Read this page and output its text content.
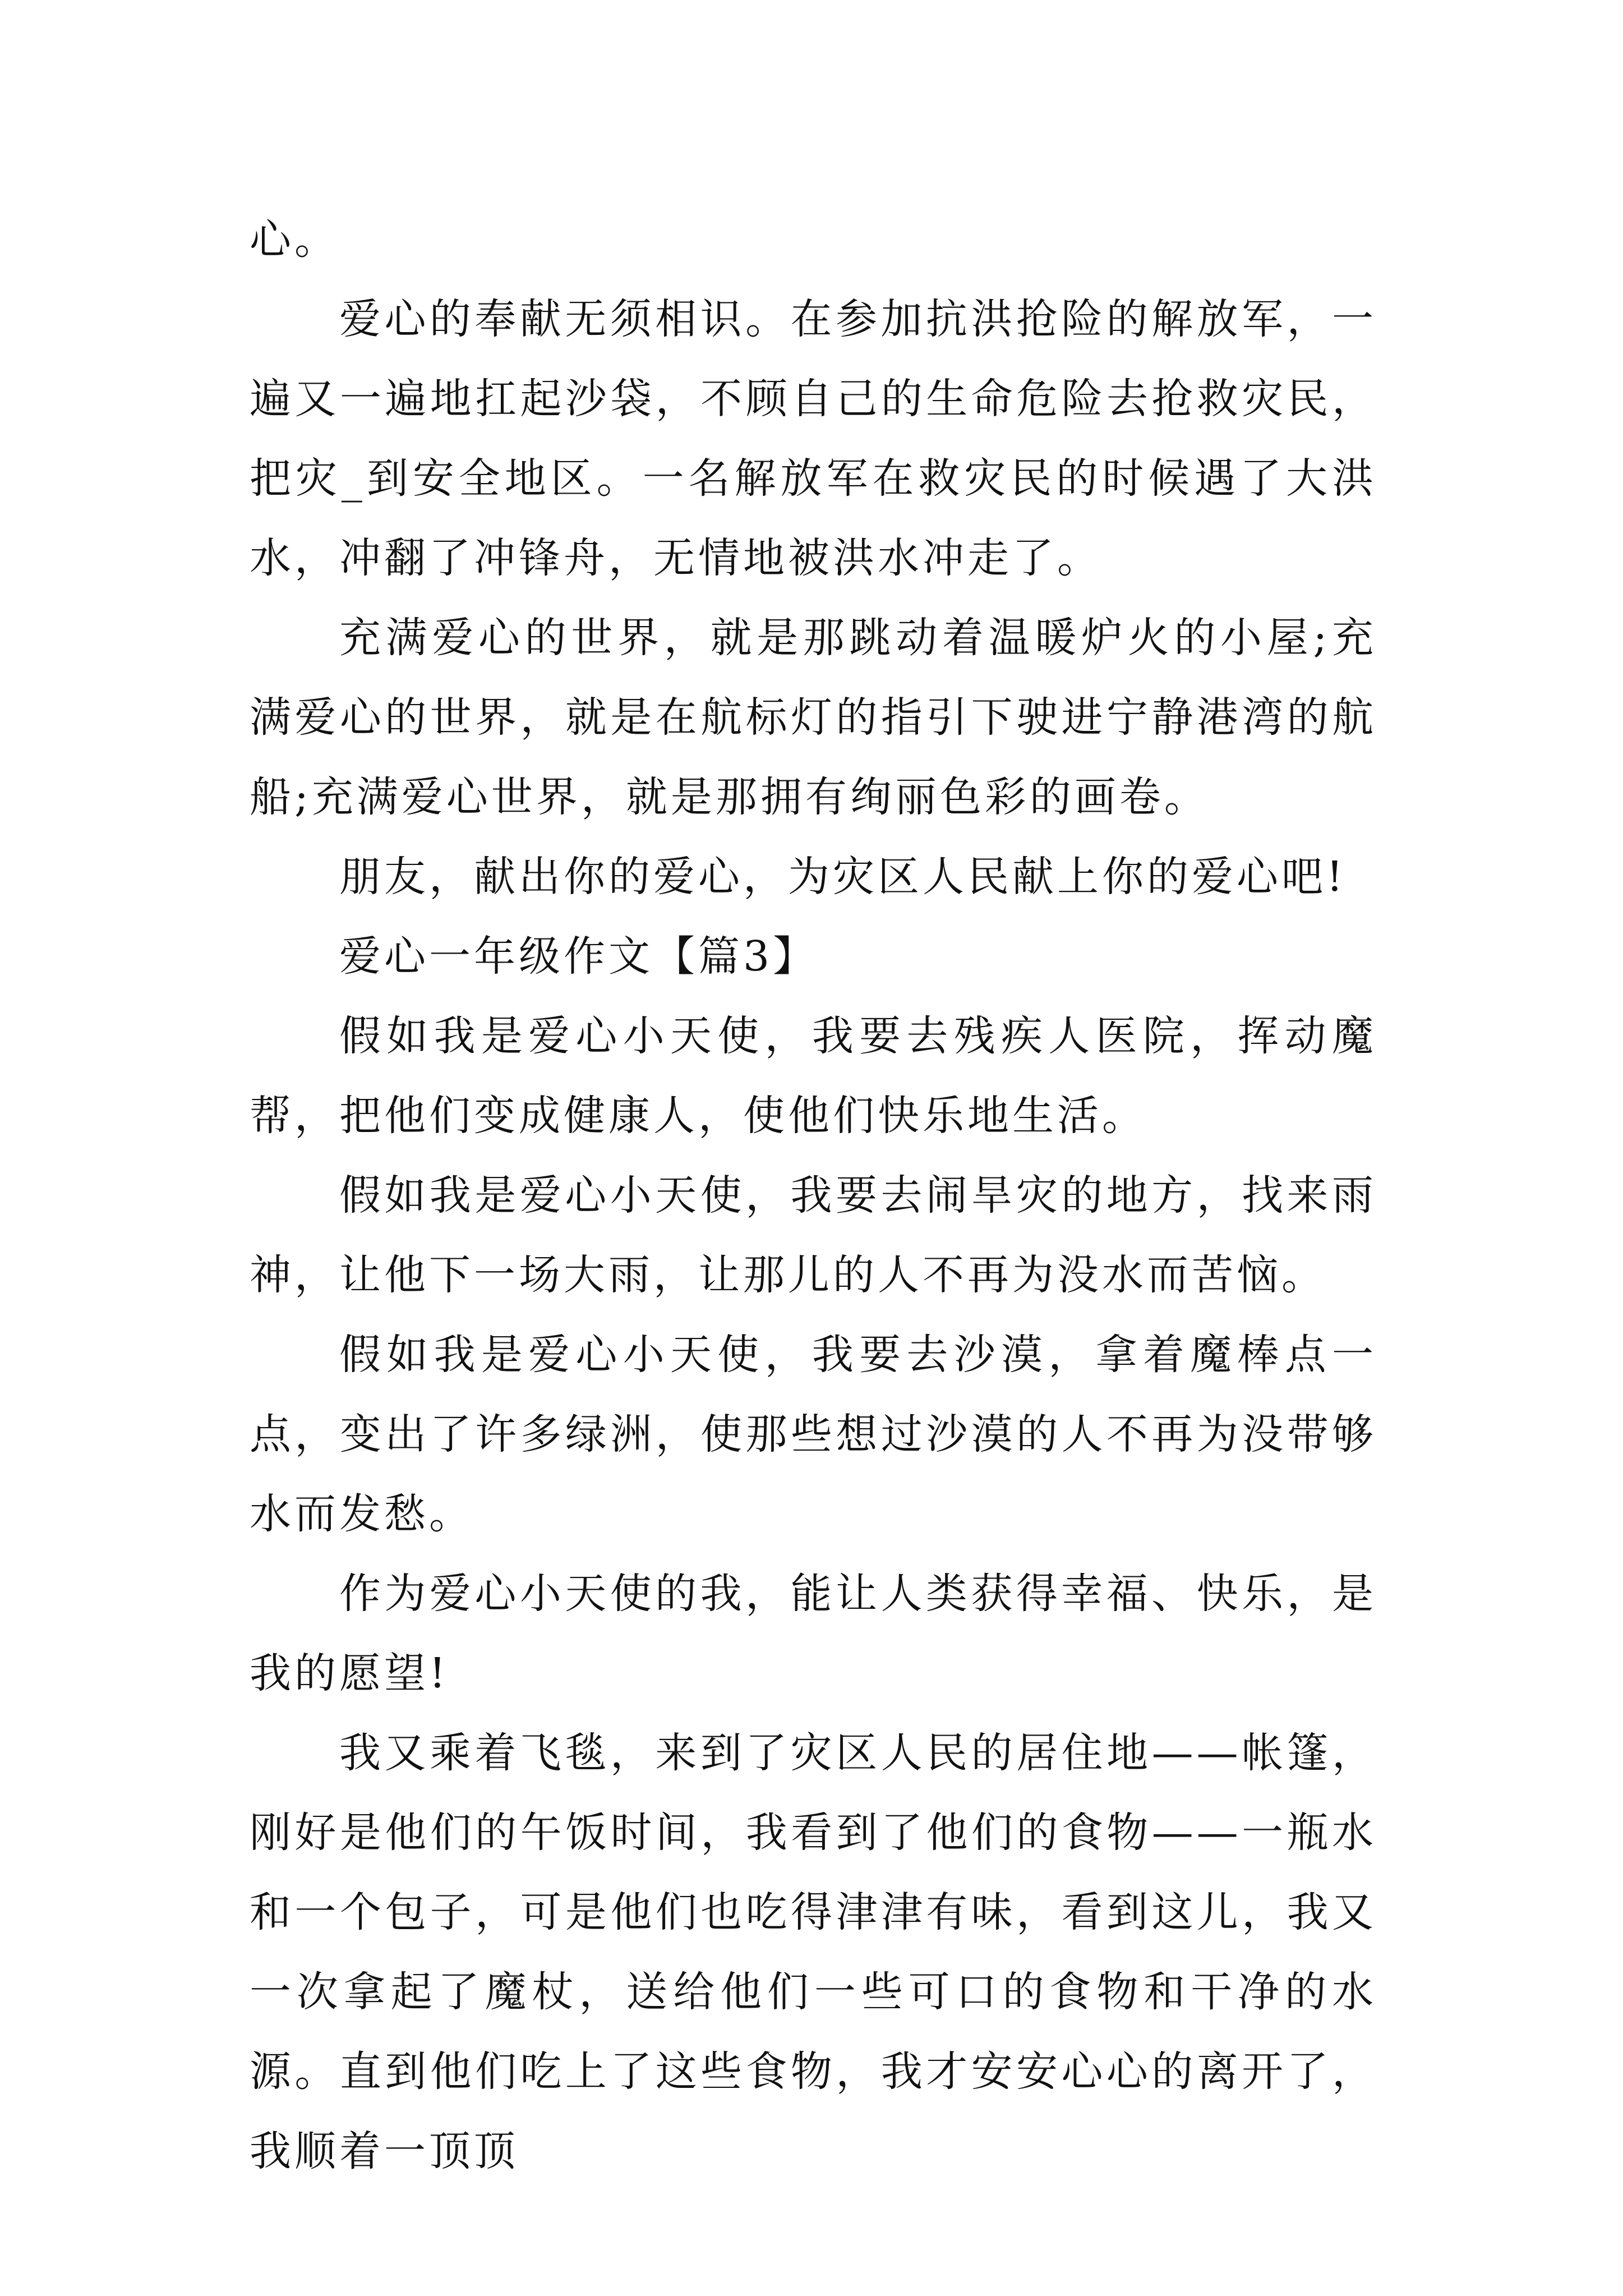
心。

爱心的奉献无须相识。在参加抗洪抢险的解放军，一遍又一遍地扛起沙袋，不顾自己的生命危险去抢救灾民，把灾_到安全地区。一名解放军在救灾民的时候遇了大洪水，冲翻了冲锋舟，无情地被洪水冲走了。

充满爱心的世界，就是那跳动着温暖炉火的小屋;充满爱心的世界，就是在航标灯的指引下驶进宁静港湾的航船;充满爱心世界，就是那拥有绚丽色彩的画卷。

朋友，献出你的爱心，为灾区人民献上你的爱心吧!

爱心一年级作文【篇3】

假如我是爱心小天使，我要去残疾人医院，挥动魔帮，把他们变成健康人，使他们快乐地生活。

假如我是爱心小天使，我要去闹旱灾的地方，找来雨神，让他下一场大雨，让那儿的人不再为没水而苦恼。

假如我是爱心小天使，我要去沙漠，拿着魔棒点一点，变出了许多绿洲，使那些想过沙漠的人不再为没带够水而发愁。

作为爱心小天使的我，能让人类获得幸福、快乐，是我的愿望!

我又乘着飞毯，来到了灾区人民的居住地——帐篷，刚好是他们的午饭时间，我看到了他们的食物——一瓶水和一个包子，可是他们也吃得津津有味，看到这儿，我又一次拿起了魔杖，送给他们一些可口的食物和干净的水源。直到他们吃上了这些食物，我才安安心心的离开了，我顺着一顶顶
